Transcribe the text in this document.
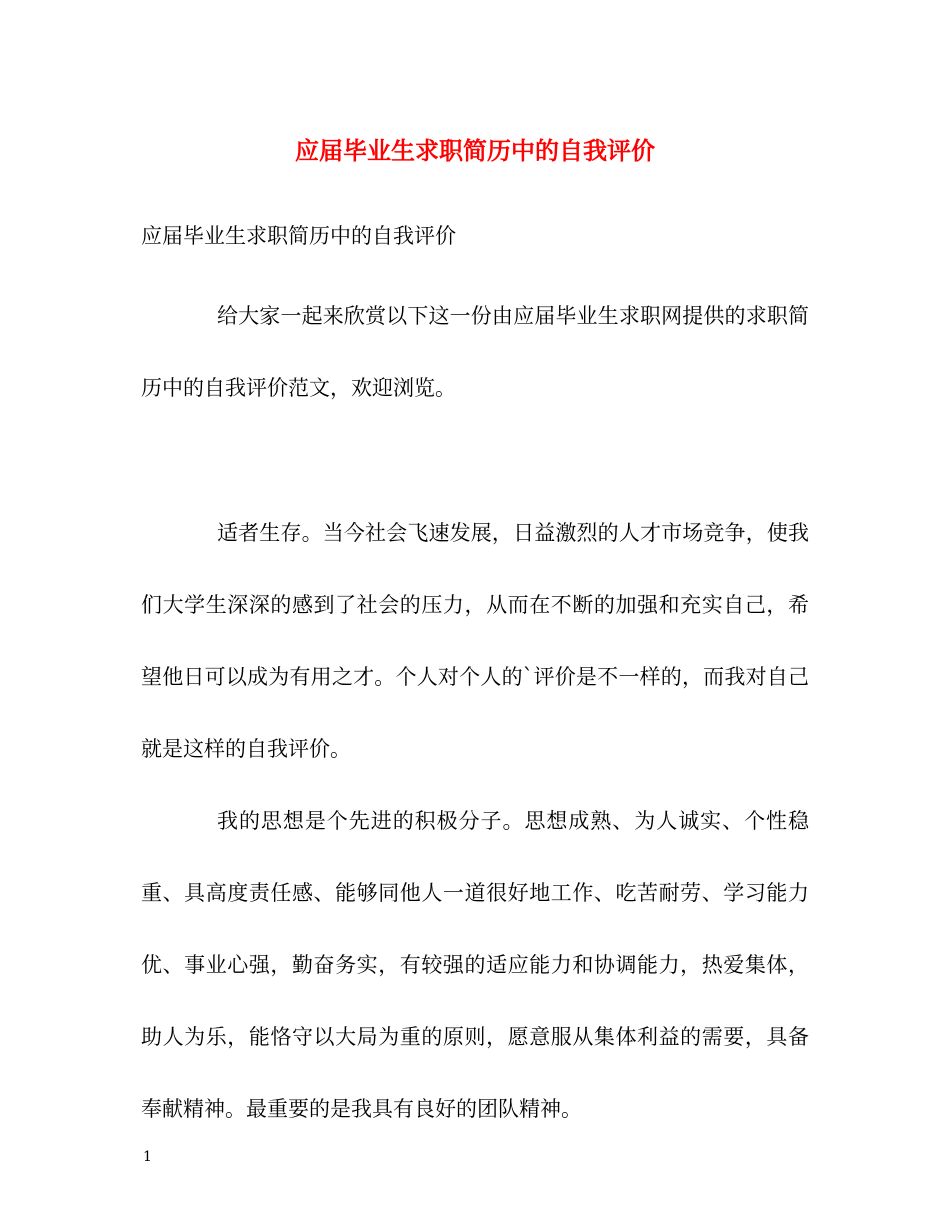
应届毕业生求职简历中的自我评价
应届毕业生求职简历中的自我评价

给大家一起来欣赏以下这一份由应届毕业生求职网提供的求职简历中的自我评价范文，欢迎浏览。

适者生存。当今社会飞速发展，日益激烈的人才市场竞争，使我们大学生深深的感到了社会的压力，从而在不断的加强和充实自己，希望他日可以成为有用之才。个人对个人的`评价是不一样的，而我对自己就是这样的自我评价。

我的思想是个先进的积极分子。思想成熟、为人诚实、个性稳重、具高度责任感、能够同他人一道很好地工作、吃苦耐劳、学习能力优、事业心强，勤奋务实，有较强的适应能力和协调能力，热爱集体，助人为乐，能恪守以大局为重的原则，愿意服从集体利益的需要，具备奉献精神。最重要的是我具有良好的团队精神。

1
